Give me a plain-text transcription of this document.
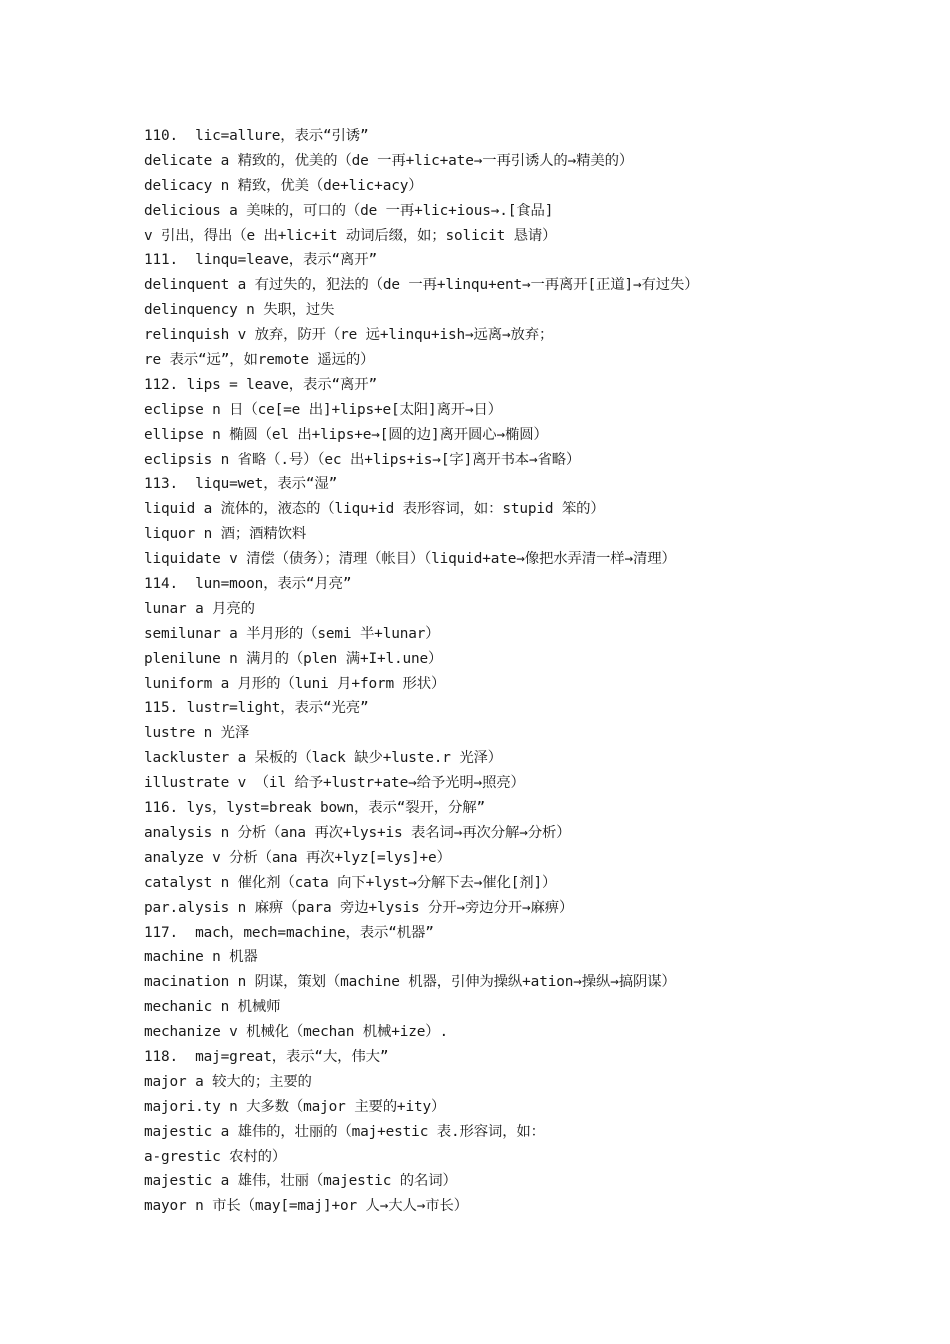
110.  lic=allure，表示“引诱”
delicate a 精致的，优美的（de 一再+lic+ate→一再引诱人的→精美的）
delicacy n 精致，优美（de+lic+acy）
delicious a 美味的，可口的（de 一再+lic+ious→.[食品]
v 引出，得出（e 出+lic+it 动词后缀，如；solicit 恳请）
111.  linqu=leave，表示“离开”
delinquent a 有过失的，犯法的（de 一再+linqu+ent→一再离开[正道]→有过失）
delinquency n 失职，过失
relinquish v 放弃，防开（re 远+linqu+ish→远离→放弃；
re 表示“远”，如remote 遥远的）
112. lips = leave，表示“离开”
eclipse n 日（ce[=e 出]+lips+e[太阳]离开→日）
ellipse n 椭圆（el 出+lips+e→[圆的边]离开圆心→椭圆）
eclipsis n 省略（.号）（ec 出+lips+is→[字]离开书本→省略）
113.  liqu=wet，表示“湿”
liquid a 流体的，液态的（liqu+id 表形容词，如：stupid 笨的）
liquor n 酒；酒精饮料
liquidate v 清偿（债务）；清理（帐目）（liquid+ate→像把水弄清一样→清理）
114.  lun=moon，表示“月亮”
lunar a 月亮的
semilunar a 半月形的（semi 半+lunar）
plenilune n 满月的（plen 满+I+l.une）
luniform a 月形的（luni 月+form 形状）
115. lustr=light，表示“光亮”
lustre n 光泽
lackluster a 呆板的（lack 缺少+luste.r 光泽）
illustrate v （il 给予+lustr+ate→给予光明→照亮）
116. lys，lyst=break bown，表示“裂开，分解”
analysis n 分析（ana 再次+lys+is 表名词→再次分解→分析）
analyze v 分析（ana 再次+lyz[=lys]+e）
catalyst n 催化剂（cata 向下+lyst→分解下去→催化[剂]）
par.alysis n 麻痹（para 旁边+lysis 分开→旁边分开→麻痹）
117.  mach，mech=machine，表示“机器”
machine n 机器
macination n 阴谋，策划（machine 机器，引伸为操纵+ation→操纵→搞阴谋）
mechanic n 机械师
mechanize v 机械化（mechan 机械+ize）.
118.  maj=great，表示“大，伟大”
major a 较大的；主要的
majori.ty n 大多数（major 主要的+ity）
majestic a 雄伟的，壮丽的（maj+estic 表.形容词，如：
a-grestic 农村的）
majestic a 雄伟，壮丽（majestic 的名词）
mayor n 市长（may[=maj]+or 人→大人→市长）
